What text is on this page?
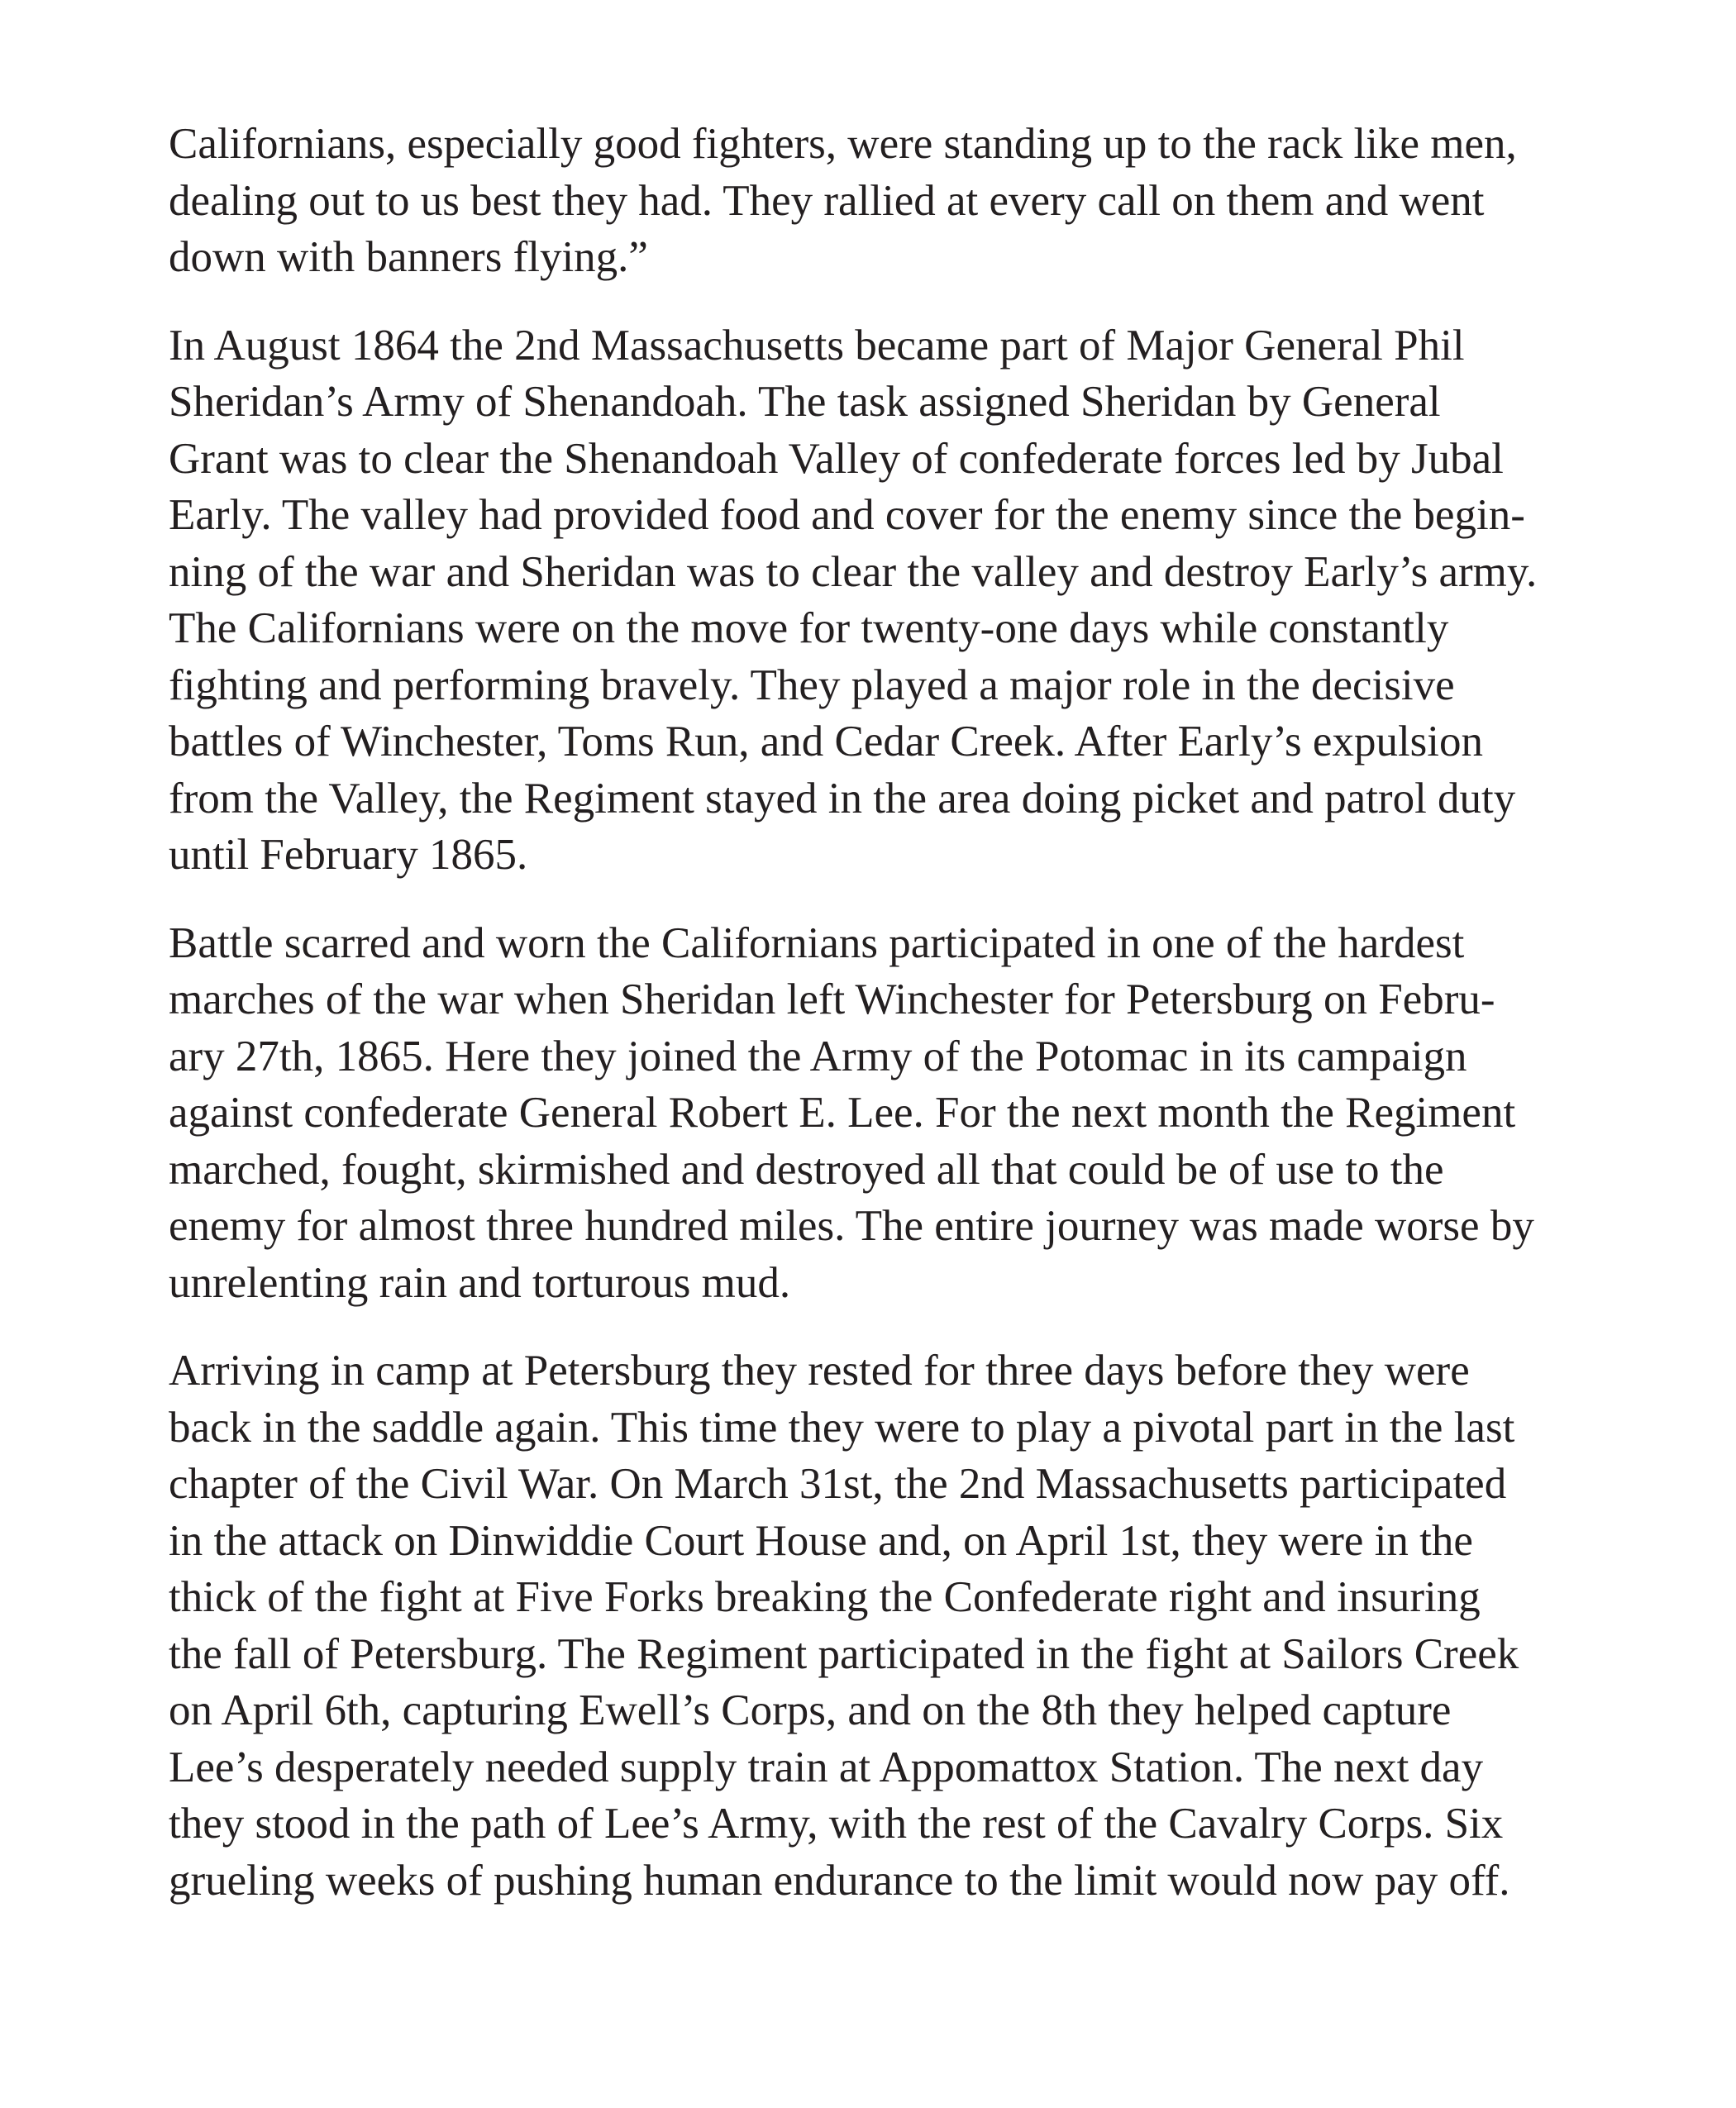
Californians, especially good fighters, were standing up to the rack like men,
dealing out to us best they had. They rallied at every call on them and went
down with banners flying.”

In August 1864 the 2nd Massachusetts became part of Major General Phil
Sheridan’s Army of Shenandoah. The task assigned Sheridan by General
Grant was to clear the Shenandoah Valley of confederate forces led by Jubal
Early. The valley had provided food and cover for the enemy since the begin-
ning of the war and Sheridan was to clear the valley and destroy Early’s army.
The Californians were on the move for twenty-one days while constantly
fighting and performing bravely. They played a major role in the decisive
battles of Winchester, Toms Run, and Cedar Creek. After Early’s expulsion
from the Valley, the Regiment stayed in the area doing picket and patrol duty
until February 1865.

Battle scarred and worn the Californians participated in one of the hardest
marches of the war when Sheridan left Winchester for Petersburg on Febru-
ary 27th, 1865. Here they joined the Army of the Potomac in its campaign
against confederate General Robert E. Lee. For the next month the Regiment
marched, fought, skirmished and destroyed all that could be of use to the
enemy for almost three hundred miles. The entire journey was made worse by
unrelenting rain and torturous mud.

Arriving in camp at Petersburg they rested for three days before they were
back in the saddle again. This time they were to play a pivotal part in the last
chapter of the Civil War. On March 31st, the 2nd Massachusetts participated
in the attack on Dinwiddie Court House and, on April 1st, they were in the
thick of the fight at Five Forks breaking the Confederate right and insuring
the fall of Petersburg. The Regiment participated in the fight at Sailors Creek
on April 6th, capturing Ewell’s Corps, and on the 8th they helped capture
Lee’s desperately needed supply train at Appomattox Station. The next day
they stood in the path of Lee’s Army, with the rest of the Cavalry Corps. Six
grueling weeks of pushing human endurance to the limit would now pay off.
